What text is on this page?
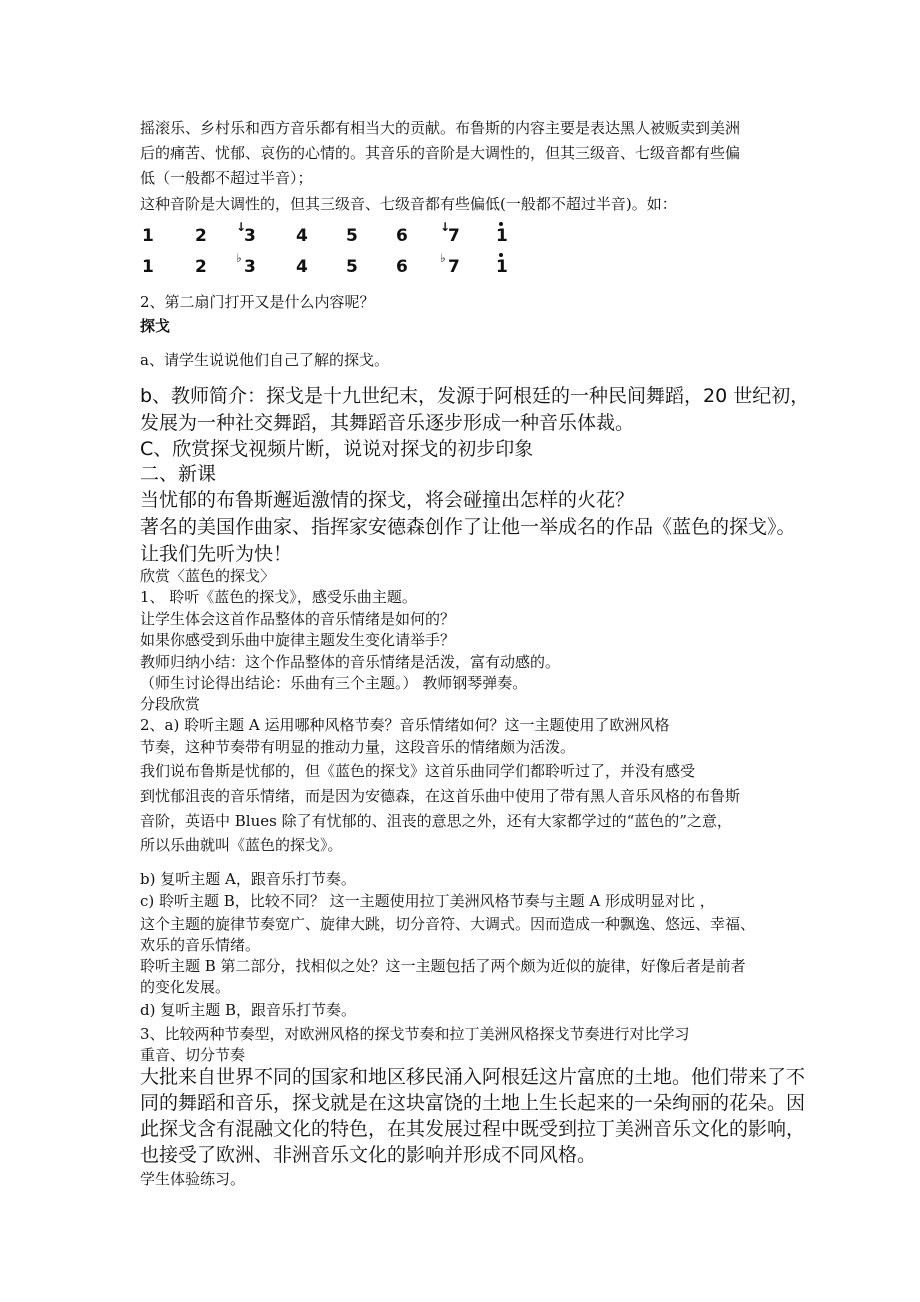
摇滚乐、乡村乐和西方音乐都有相当大的贡献。布鲁斯的内容主要是表达黑人被贩卖到美洲
后的痛苦、忧郁、哀伤的心情的。其音乐的音阶是大调性的，但其三级音、七级音都有些偏
低（一般都不超过半音）；
这种音阶是大调性的，但其三级音、七级音都有些偏低(一般都不超过半音)。如：
1 2 ↓
3 4 5 6	↓
7 1
1 2 ♭ 3 4 5 6	♭ 7 1
2、第二扇门打开又是什么内容呢？
探戈
a、请学生说说他们自己了解的探戈。
b、教师简介：探戈是十九世纪末，发源于阿根廷的一种民间舞蹈，20 世纪初，
发展为一种社交舞蹈，其舞蹈音乐逐步形成一种音乐体裁。
C、欣赏探戈视频片断，说说对探戈的初步印象
二、新课
当忧郁的布鲁斯邂逅激情的探戈，将会碰撞出怎样的火花？
著名的美国作曲家、指挥家安德森创作了让他一举成名的作品《蓝色的探戈》。
让我们先听为快！
欣赏〈蓝色的探戈〉
1、 聆听《蓝色的探戈》，感受乐曲主题。
让学生体会这首作品整体的音乐情绪是如何的？
如果你感受到乐曲中旋律主题发生变化请举手？
教师归纳小结：这个作品整体的音乐情绪是活泼，富有动感的。
（师生讨论得出结论：乐曲有三个主题。） 教师钢琴弹奏。
分段欣赏
2、a) 聆听主题 A 运用哪种风格节奏？音乐情绪如何？这一主题使用了欧洲风格
节奏，这种节奏带有明显的推动力量，这段音乐的情绪颇为活泼。
我们说布鲁斯是忧郁的，但《蓝色的探戈》这首乐曲同学们都聆听过了，并没有感受
到忧郁沮丧的音乐情绪，而是因为安德森，在这首乐曲中使用了带有黑人音乐风格的布鲁斯
音阶，英语中 Blues 除了有忧郁的、沮丧的意思之外，还有大家都学过的“蓝色的”之意，
所以乐曲就叫《蓝色的探戈》。
b) 复听主题 A，跟音乐打节奏。
c) 聆听主题 B，比较不同？ 这一主题使用拉丁美洲风格节奏与主题 A 形成明显对比 ，
这个主题的旋律节奏宽广、旋律大跳，切分音符、大调式。因而造成一种飘逸、悠远、幸福、
欢乐的音乐情绪。
聆听主题 B 第二部分，找相似之处？这一主题包括了两个颇为近似的旋律，好像后者是前者
的变化发展。
d) 复听主题 B，跟音乐打节奏。
3、比较两种节奏型，对欧洲风格的探戈节奏和拉丁美洲风格探戈节奏进行对比学习
重音、切分节奏
大批来自世界不同的国家和地区移民涌入阿根廷这片富庶的土地。他们带来了不
同的舞蹈和音乐，探戈就是在这块富饶的土地上生长起来的一朵绚丽的花朵。因
此探戈含有混融文化的特色，在其发展过程中既受到拉丁美洲音乐文化的影响，
也接受了欧洲、非洲音乐文化的影响并形成不同风格。
学生体验练习。
